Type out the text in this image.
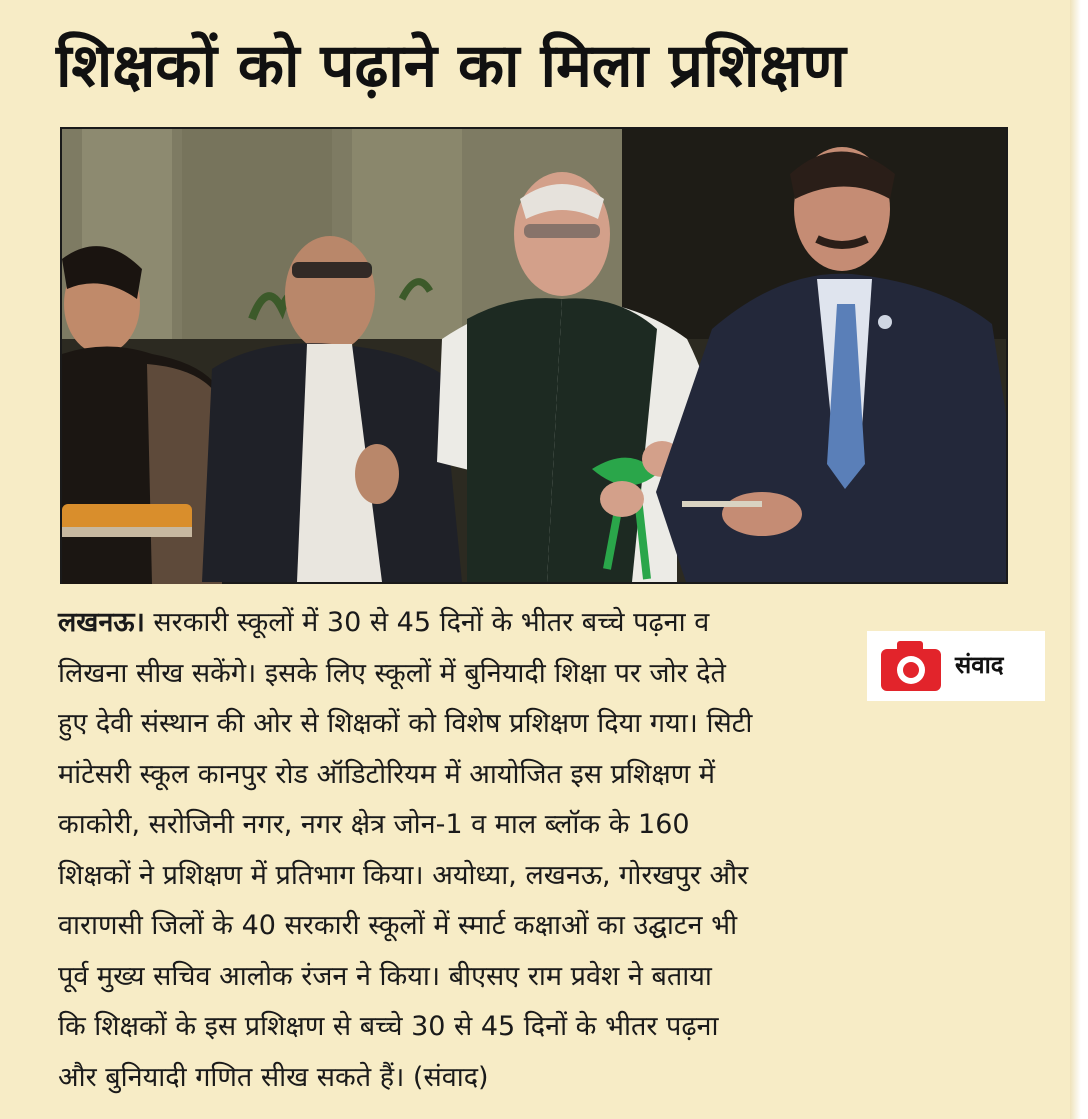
शिक्षकों को पढ़ाने का मिला प्रशिक्षण
संवाद
लखनऊ। सरकारी स्कूलों में 30 से 45 दिनों के भीतर बच्चे पढ़ना व
लिखना सीख सकेंगे। इसके लिए स्कूलों में बुनियादी शिक्षा पर जोर देते
हुए देवी संस्थान की ओर से शिक्षकों को विशेष प्रशिक्षण दिया गया। सिटी
मांटेसरी स्कूल कानपुर रोड ऑडिटोरियम में आयोजित इस प्रशिक्षण में
काकोरी, सरोजिनी नगर, नगर क्षेत्र जोन-1 व माल ब्लॉक के 160
शिक्षकों ने प्रशिक्षण में प्रतिभाग किया। अयोध्या, लखनऊ, गोरखपुर और
वाराणसी जिलों के 40 सरकारी स्कूलों में स्मार्ट कक्षाओं का उद्घाटन भी
पूर्व मुख्य सचिव आलोक रंजन ने किया। बीएसए राम प्रवेश ने बताया
कि शिक्षकों के इस प्रशिक्षण से बच्चे 30 से 45 दिनों के भीतर पढ़ना
और बुनियादी गणित सीख सकते हैं। (संवाद)
